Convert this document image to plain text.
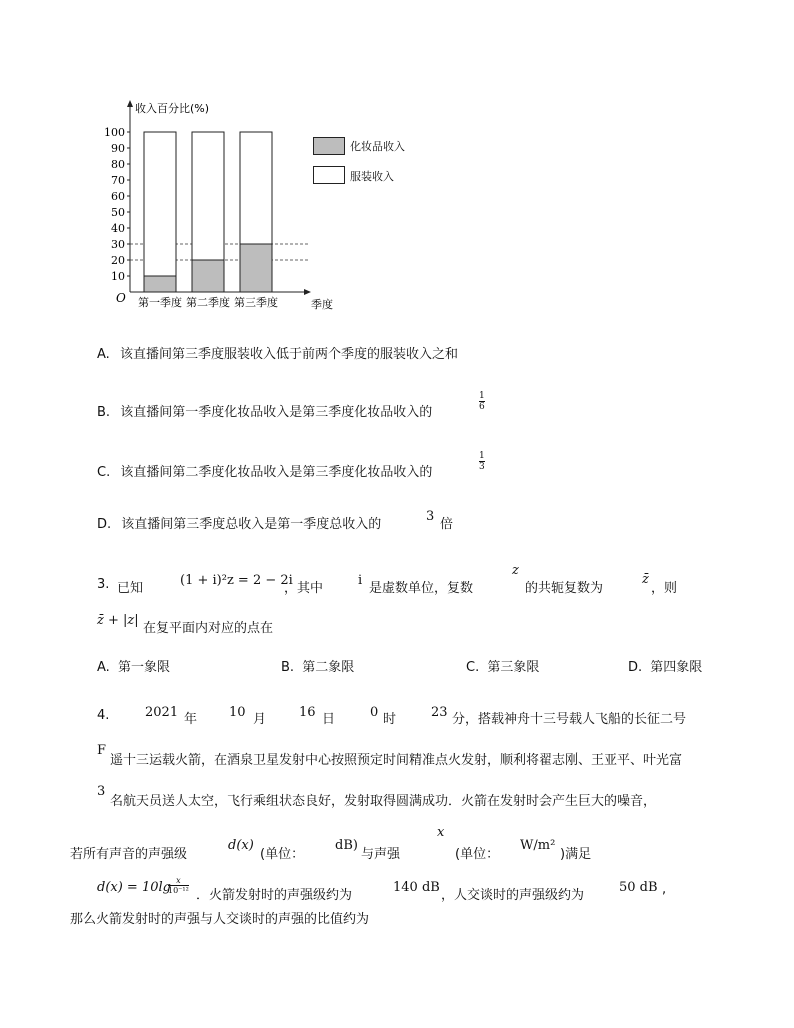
10
20
30
40
50
60
70
80
90
100
第一季度 第二季度 第三季度
收入百分比(%)
季度
O
化妆品收入
服装收入
A. 该直播间第三季度服装收入低于前两个季度的服装收入之和
B. 该直播间第一季度化妆品收入是第三季度化妆品收入的
1
6
C. 该直播间第二季度化妆品收入是第三季度化妆品收入的
1
3
D. 该直播间第三季度总收入是第一季度总收入的
3
倍
3. 已知
(1 + i)²z = 2 − 2i
，其中
i
是虚数单位，复数
z
的共轭复数为
z̄
，则
z̄ + |z|
在复平面内对应的点在
A. 第一象限	B. 第二象限	C. 第三象限	D. 第四象限
4.	2021 年 10 月	16 日	0 时	23 分，搭载神舟十三号载人飞船的长征二号
F
遥十三运载火箭，在酒泉卫星发射中心按照预定时间精准点火发射，顺利将翟志刚、王亚平、叶光富
3
名航天员送人太空，飞行乘组状态良好，发射取得圆满成功．火箭在发射时会产生巨大的噪音，
若所有声音的声强级
d(x)
(单位：
dB)
与声强
x
(单位：
W/m²
)满足
d(x) = 10lg x
10⁻¹² ．火箭发射时的声强级约为
140 dB
，人交谈时的声强级约为
50 dB ,
那么火箭发射时的声强与人交谈时的声强的比值约为
